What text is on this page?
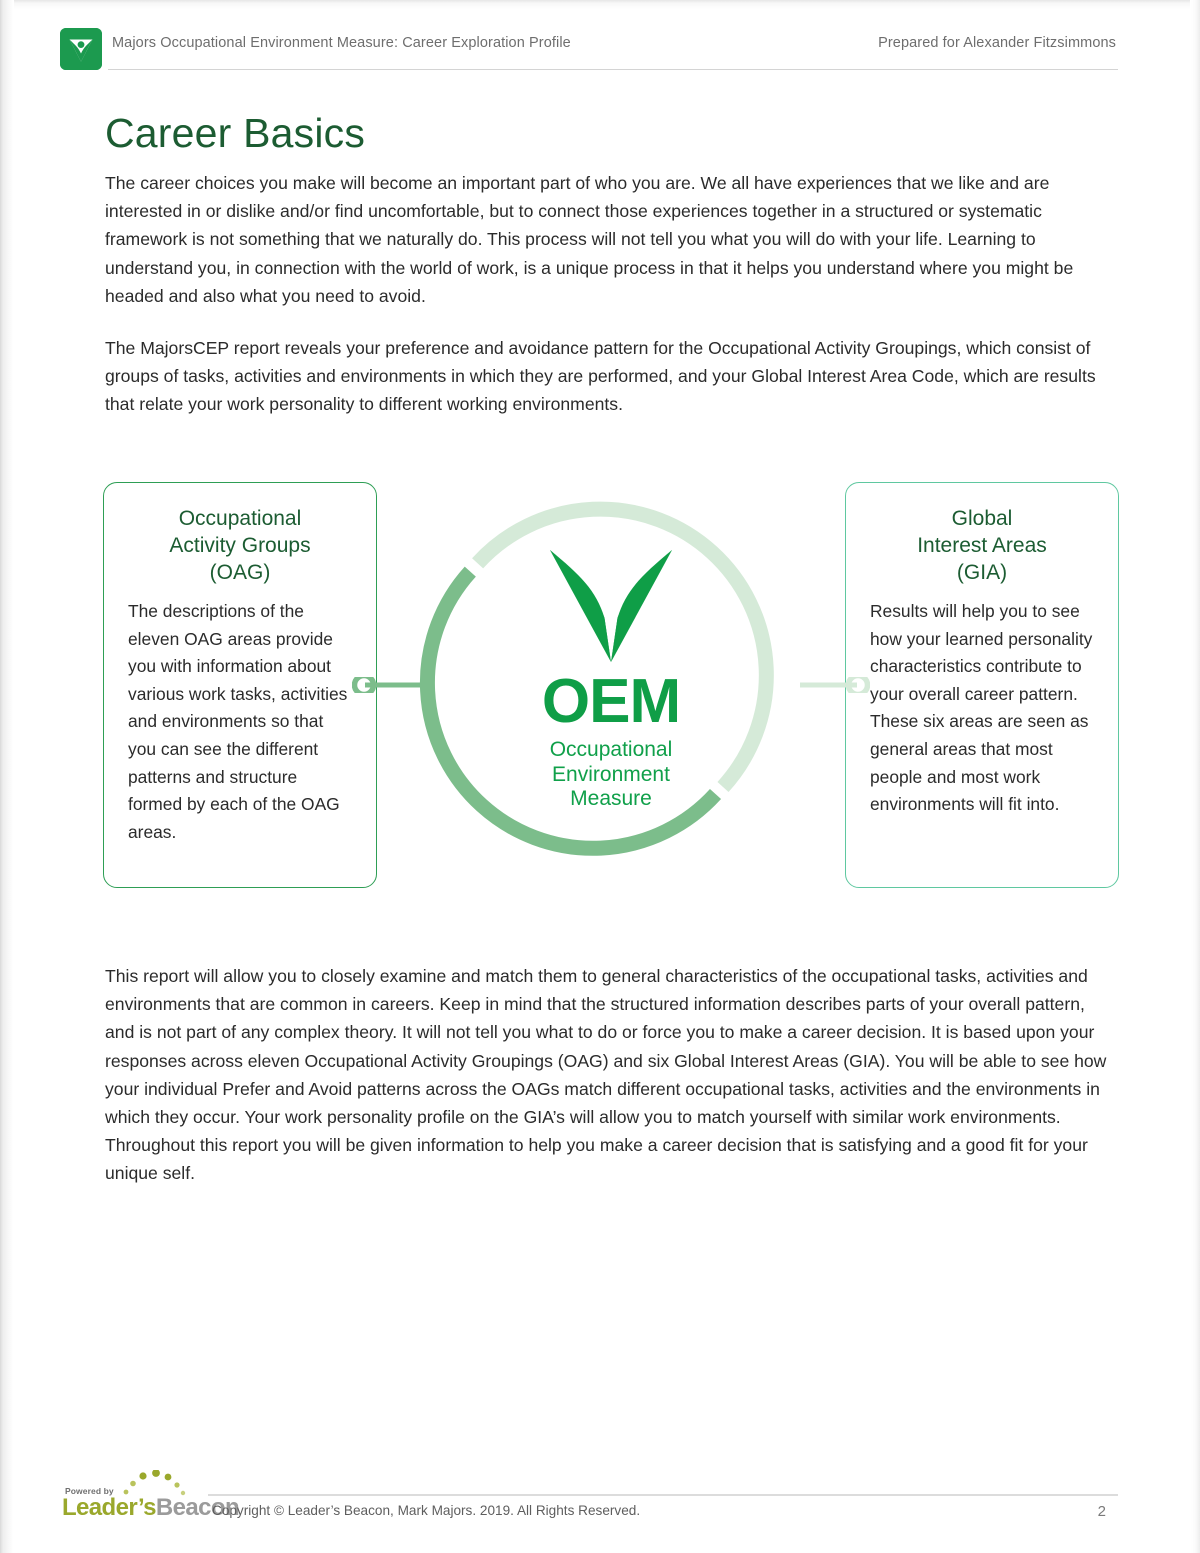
Majors Occupational Environment Measure: Career Exploration Profile	Prepared for Alexander Fitzsimmons
Career Basics

The career choices you make will become an important part of who you are. We all have experiences that we like and are interested in or dislike and/or find uncomfortable, but to connect those experiences together in a structured or systematic framework is not something that we naturally do. This process will not tell you what you will do with your life. Learning to understand you, in connection with the world of work, is a unique process in that it helps you understand where you might be headed and also what you need to avoid.

The MajorsCEP report reveals your preference and avoidance pattern for the Occupational Activity Groupings, which consist of groups of tasks, activities and environments in which they are performed, and your Global Interest Area Code, which are results that relate your work personality to different working environments.

Occupational
Activity Groups
(OAG)

The descriptions of the eleven OAG areas provide you with information about various work tasks, activities and environments so that you can see the different patterns and structure formed by each of the OAG areas.

Global
Interest Areas
(GIA)

Results will help you to see how your learned personality characteristics contribute to your overall career pattern. These six areas are seen as general areas that most people and most work environments will fit into.

OEM
Occupational
Environment
Measure

This report will allow you to closely examine and match them to general characteristics of the occupational tasks, activities and environments that are common in careers. Keep in mind that the structured information describes parts of your overall pattern, and is not part of any complex theory. It will not tell you what to do or force you to make a career decision. It is based upon your responses across eleven Occupational Activity Groupings (OAG) and six Global Interest Areas (GIA). You will be able to see how your individual Prefer and Avoid patterns across the OAGs match different occupational tasks, activities and the environments in which they occur. Your work personality profile on the GIA’s will allow you to match yourself with similar work environments. Throughout this report you will be given information to help you make a career decision that is satisfying and a good fit for your unique self.

Powered by
Leader’sBeacon
Copyright © Leader’s Beacon, Mark Majors. 2019. All Rights Reserved.	2
